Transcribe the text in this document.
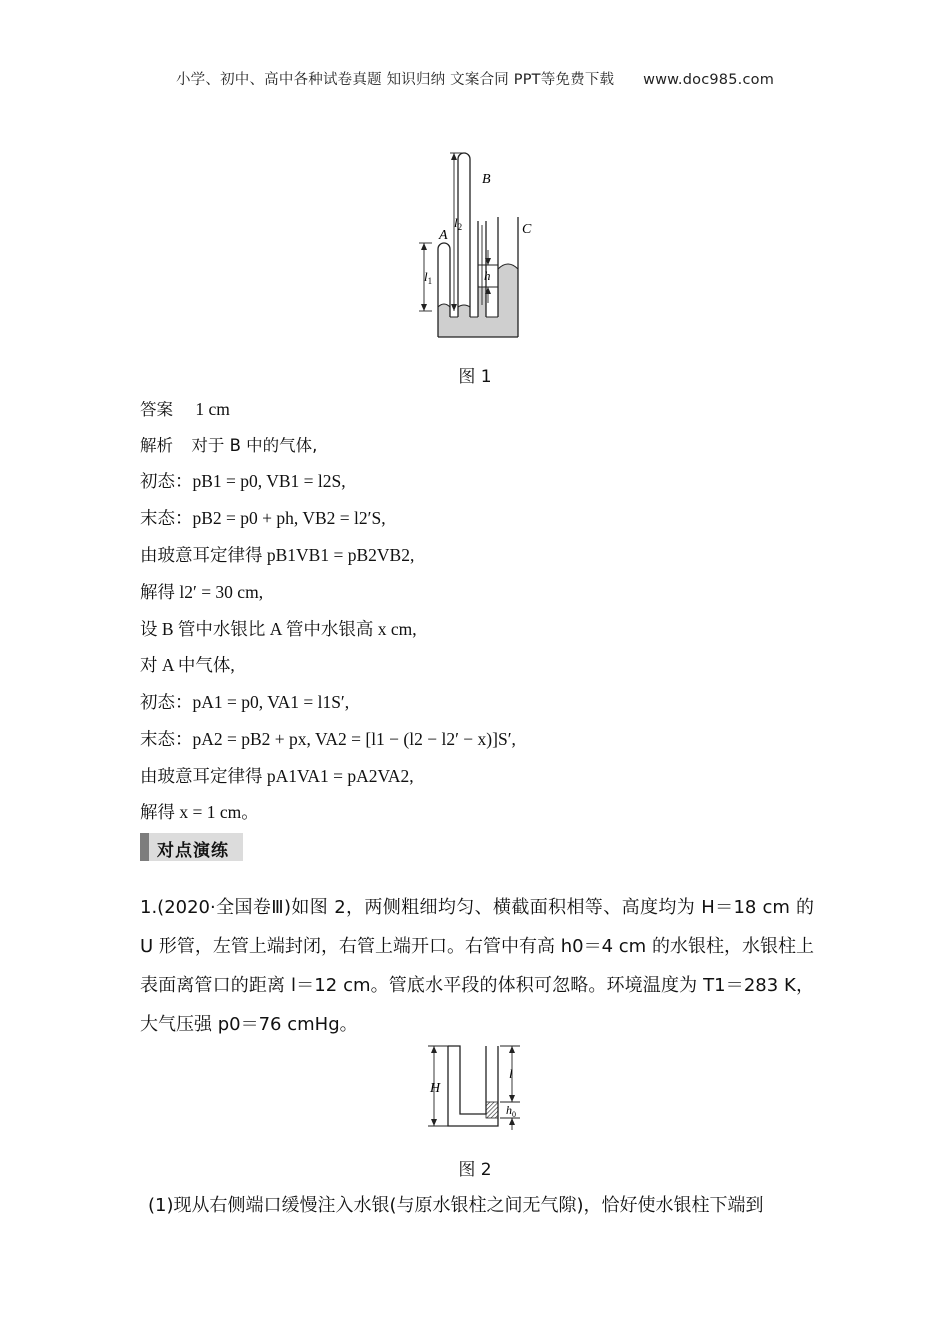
小学、初中、高中各种试卷真题 知识归纳 文案合同 PPT等免费下载 www.doc985.com
A
B
C
$l_1$
$l_2$
h
图 1
答案 1 cm
解析 对于 B 中的气体,
初态：pB1 = p0, VB1 = l2S,
末态：pB2 = p0 + ph, VB2 = l2′S,
由玻意耳定律得 pB1VB1 = pB2VB2,
解得 l2′ = 30 cm,
设 B 管中水银比 A 管中水银高 x cm,
对 A 中气体,
初态：pA1 = p0, VA1 = l1S′,
末态：pA2 = pB2 + px, VA2 = [l1 − (l2 − l2′ − x)]S′,
由玻意耳定律得 pA1VA1 = pA2VA2,
解得 x = 1 cm。
对点演练
1.(2020·全国卷Ⅲ)如图 2，两侧粗细均匀、横截面积相等、高度均为 H＝18 cm 的 U 形管，左管上端封闭，右管上端开口。右管中有高 h0＝4 cm 的水银柱，水银柱上表面离管口的距离 l＝12 cm。管底水平段的体积可忽略。环境温度为 T1＝283 K，大气压强 p0＝76 cmHg。
H
l
$h_0$
图 2
(1)现从右侧端口缓慢注入水银(与原水银柱之间无气隙)，恰好使水银柱下端到
